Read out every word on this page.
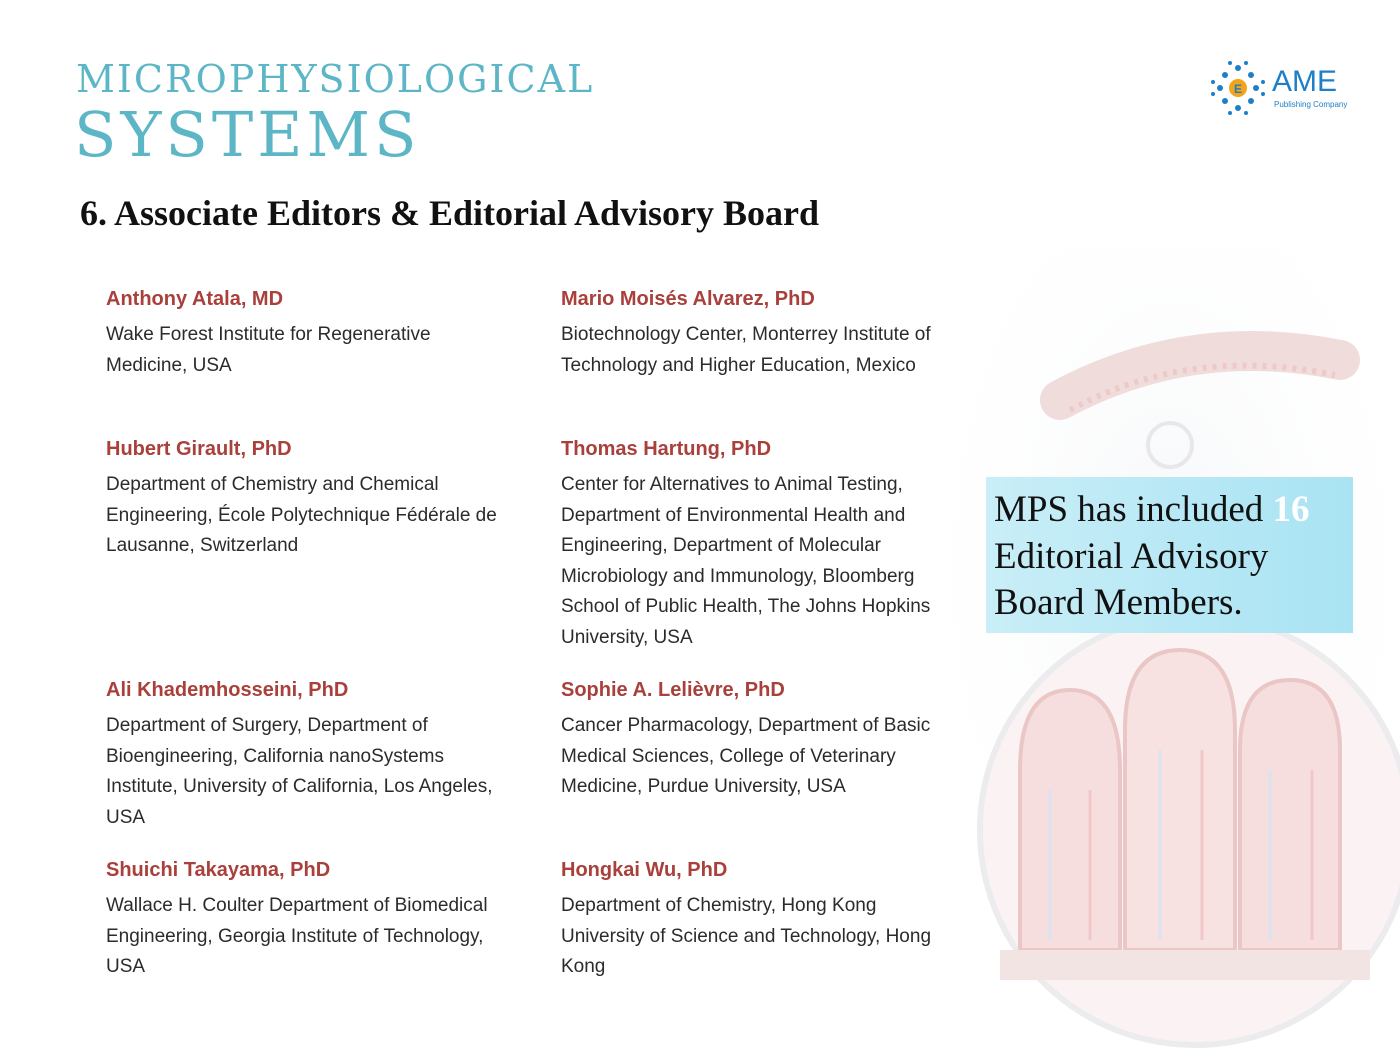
MICROPHYSIOLOGICAL
SYSTEMS
E AME
Publishing Company
6. Associate Editors & Editorial Advisory Board
Anthony Atala, MD
Wake Forest Institute for Regenerative Medicine, USA
Mario Moisés Alvarez, PhD
Biotechnology Center, Monterrey Institute of Technology and Higher Education, Mexico
Hubert Girault, PhD
Department of Chemistry and Chemical Engineering, École Polytechnique Fédérale de Lausanne, Switzerland
Thomas Hartung, PhD
Center for Alternatives to Animal Testing, Department of Environmental Health and Engineering, Department of Molecular Microbiology and Immunology, Bloomberg School of Public Health, The Johns Hopkins University, USA
Ali Khademhosseini, PhD
Department of Surgery, Department of Bioengineering, California nanoSystems Institute, University of California, Los Angeles, USA
Sophie A. Lelièvre, PhD
Cancer Pharmacology, Department of Basic Medical Sciences, College of Veterinary Medicine, Purdue University, USA
Shuichi Takayama, PhD
Wallace H. Coulter Department of Biomedical Engineering, Georgia Institute of Technology, USA
Hongkai Wu, PhD
Department of Chemistry, Hong Kong University of Science and Technology, Hong Kong
MPS has included 16 Editorial Advisory Board Members.
